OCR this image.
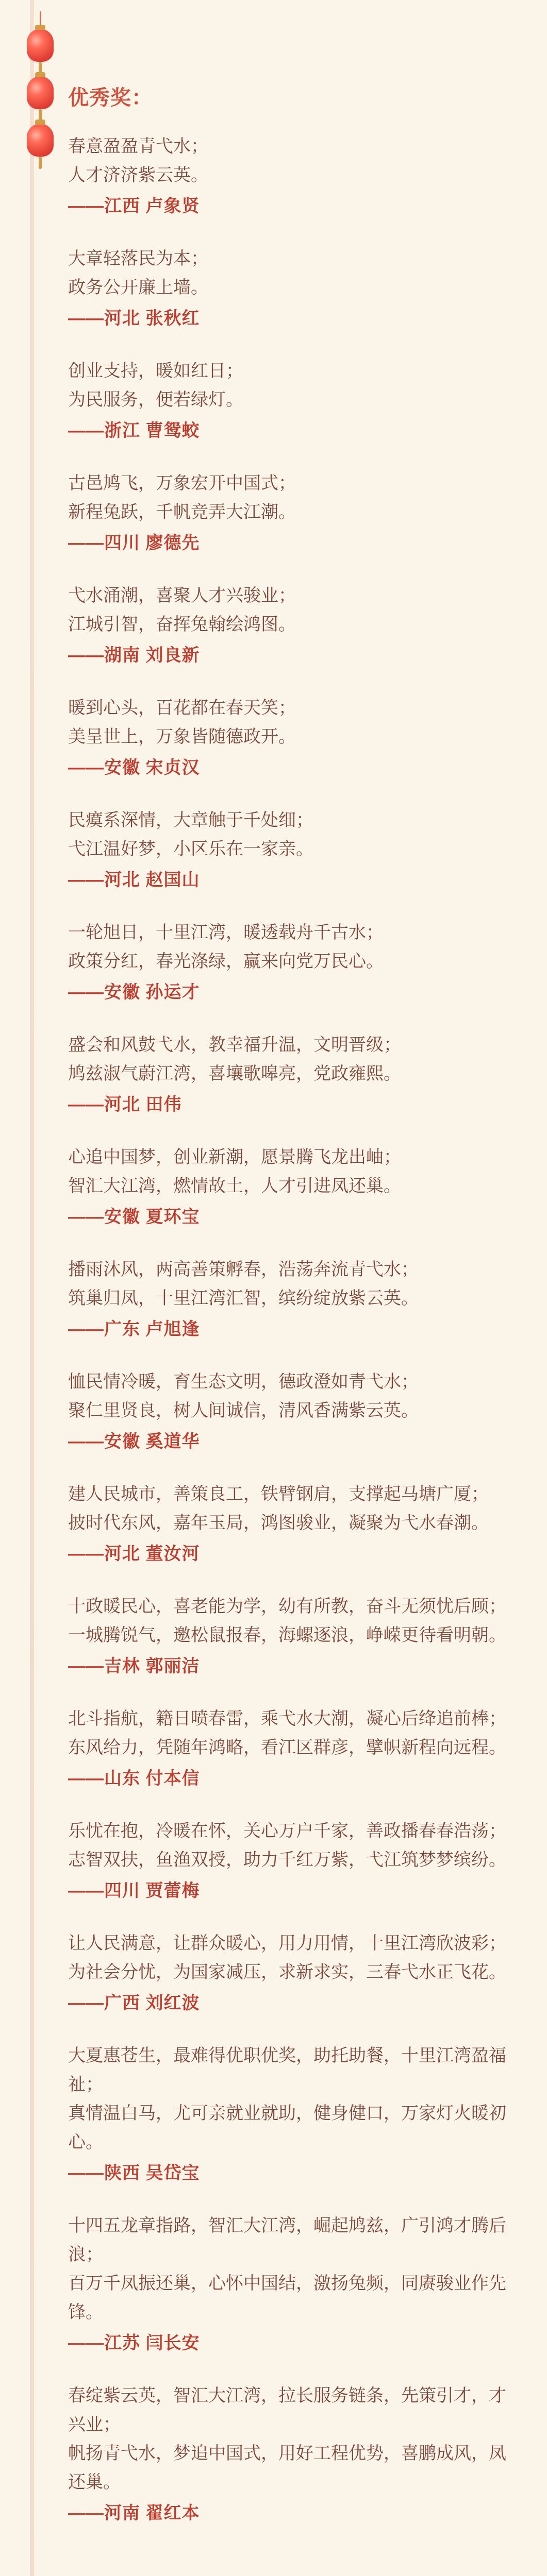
优秀奖：

春意盈盈青弋水；
人才济济紫云英。

——江西 卢象贤

大章轻落民为本；
政务公开廉上墙。

——河北 张秋红

创业支持，暖如红日；
为民服务，便若绿灯。

——浙江 曹鸳蛟

古邑鸠飞，万象宏开中国式；
新程兔跃，千帆竞弄大江潮。

——四川 廖德先

弋水涌潮，喜聚人才兴骏业；
江城引智，奋挥兔翰绘鸿图。

——湖南 刘良新

暖到心头，百花都在春天笑；
美呈世上，万象皆随德政开。

——安徽 宋贞汉

民瘼系深情，大章触于千处细；
弋江温好梦，小区乐在一家亲。

——河北 赵国山

一轮旭日，十里江湾，暖透载舟千古水；
政策分红，春光涤绿，赢来向党万民心。

——安徽 孙运才

盛会和风鼓弋水，教幸福升温，文明晋级；
鸠兹淑气蔚江湾，喜壤歌嗥亮，党政雍熙。

——河北 田伟

心追中国梦，创业新潮，愿景腾飞龙出岫；
智汇大江湾，燃情故土，人才引进凤还巢。

——安徽 夏环宝

播雨沐风，两高善策孵春，浩荡奔流青弋水；
筑巢归凤，十里江湾汇智，缤纷绽放紫云英。

——广东 卢旭逢

恤民情冷暖，育生态文明，德政澄如青弋水；
聚仁里贤良，树人间诚信，清风香满紫云英。

——安徽 奚道华

建人民城市，善策良工，铁臂钢肩，支撑起马塘广厦；
披时代东风，嘉年玉局，鸿图骏业，凝聚为弋水春潮。

——河北 董汝河

十政暖民心，喜老能为学，幼有所教，奋斗无须忧后顾；
一城腾锐气，邀松鼠报春，海螺逐浪，峥嵘更待看明朝。

——吉林 郭丽洁

北斗指航，籍日喷春雷，乘弋水大潮，凝心后绛追前棒；
东风给力，凭随年鸿略，看江区群彦，擘帜新程向远程。

——山东 付本信

乐忧在抱，冷暖在怀，关心万户千家，善政播春春浩荡；
志智双扶，鱼渔双授，助力千红万紫，弋江筑梦梦缤纷。

——四川 贾蕾梅

让人民满意，让群众暖心，用力用情，十里江湾欣波彩；
为社会分忧，为国家减压，求新求实，三春弋水正飞花。

——广西 刘红波

大夏惠苍生，最难得优职优奖，助托助餐，十里江湾盈福祉；
真情温白马，尤可亲就业就助，健身健口，万家灯火暖初心。

——陕西 吴岱宝

十四五龙章指路，智汇大江湾，崛起鸠兹，广引鸿才腾后浪；
百万千凤振还巢，心怀中国结，激扬兔频，同赓骏业作先锋。

——江苏 闫长安

春绽紫云英，智汇大江湾，拉长服务链条，先策引才，才兴业；
帆扬青弋水，梦追中国式，用好工程优势，喜鹏成风，凤还巢。

——河南 翟红本
